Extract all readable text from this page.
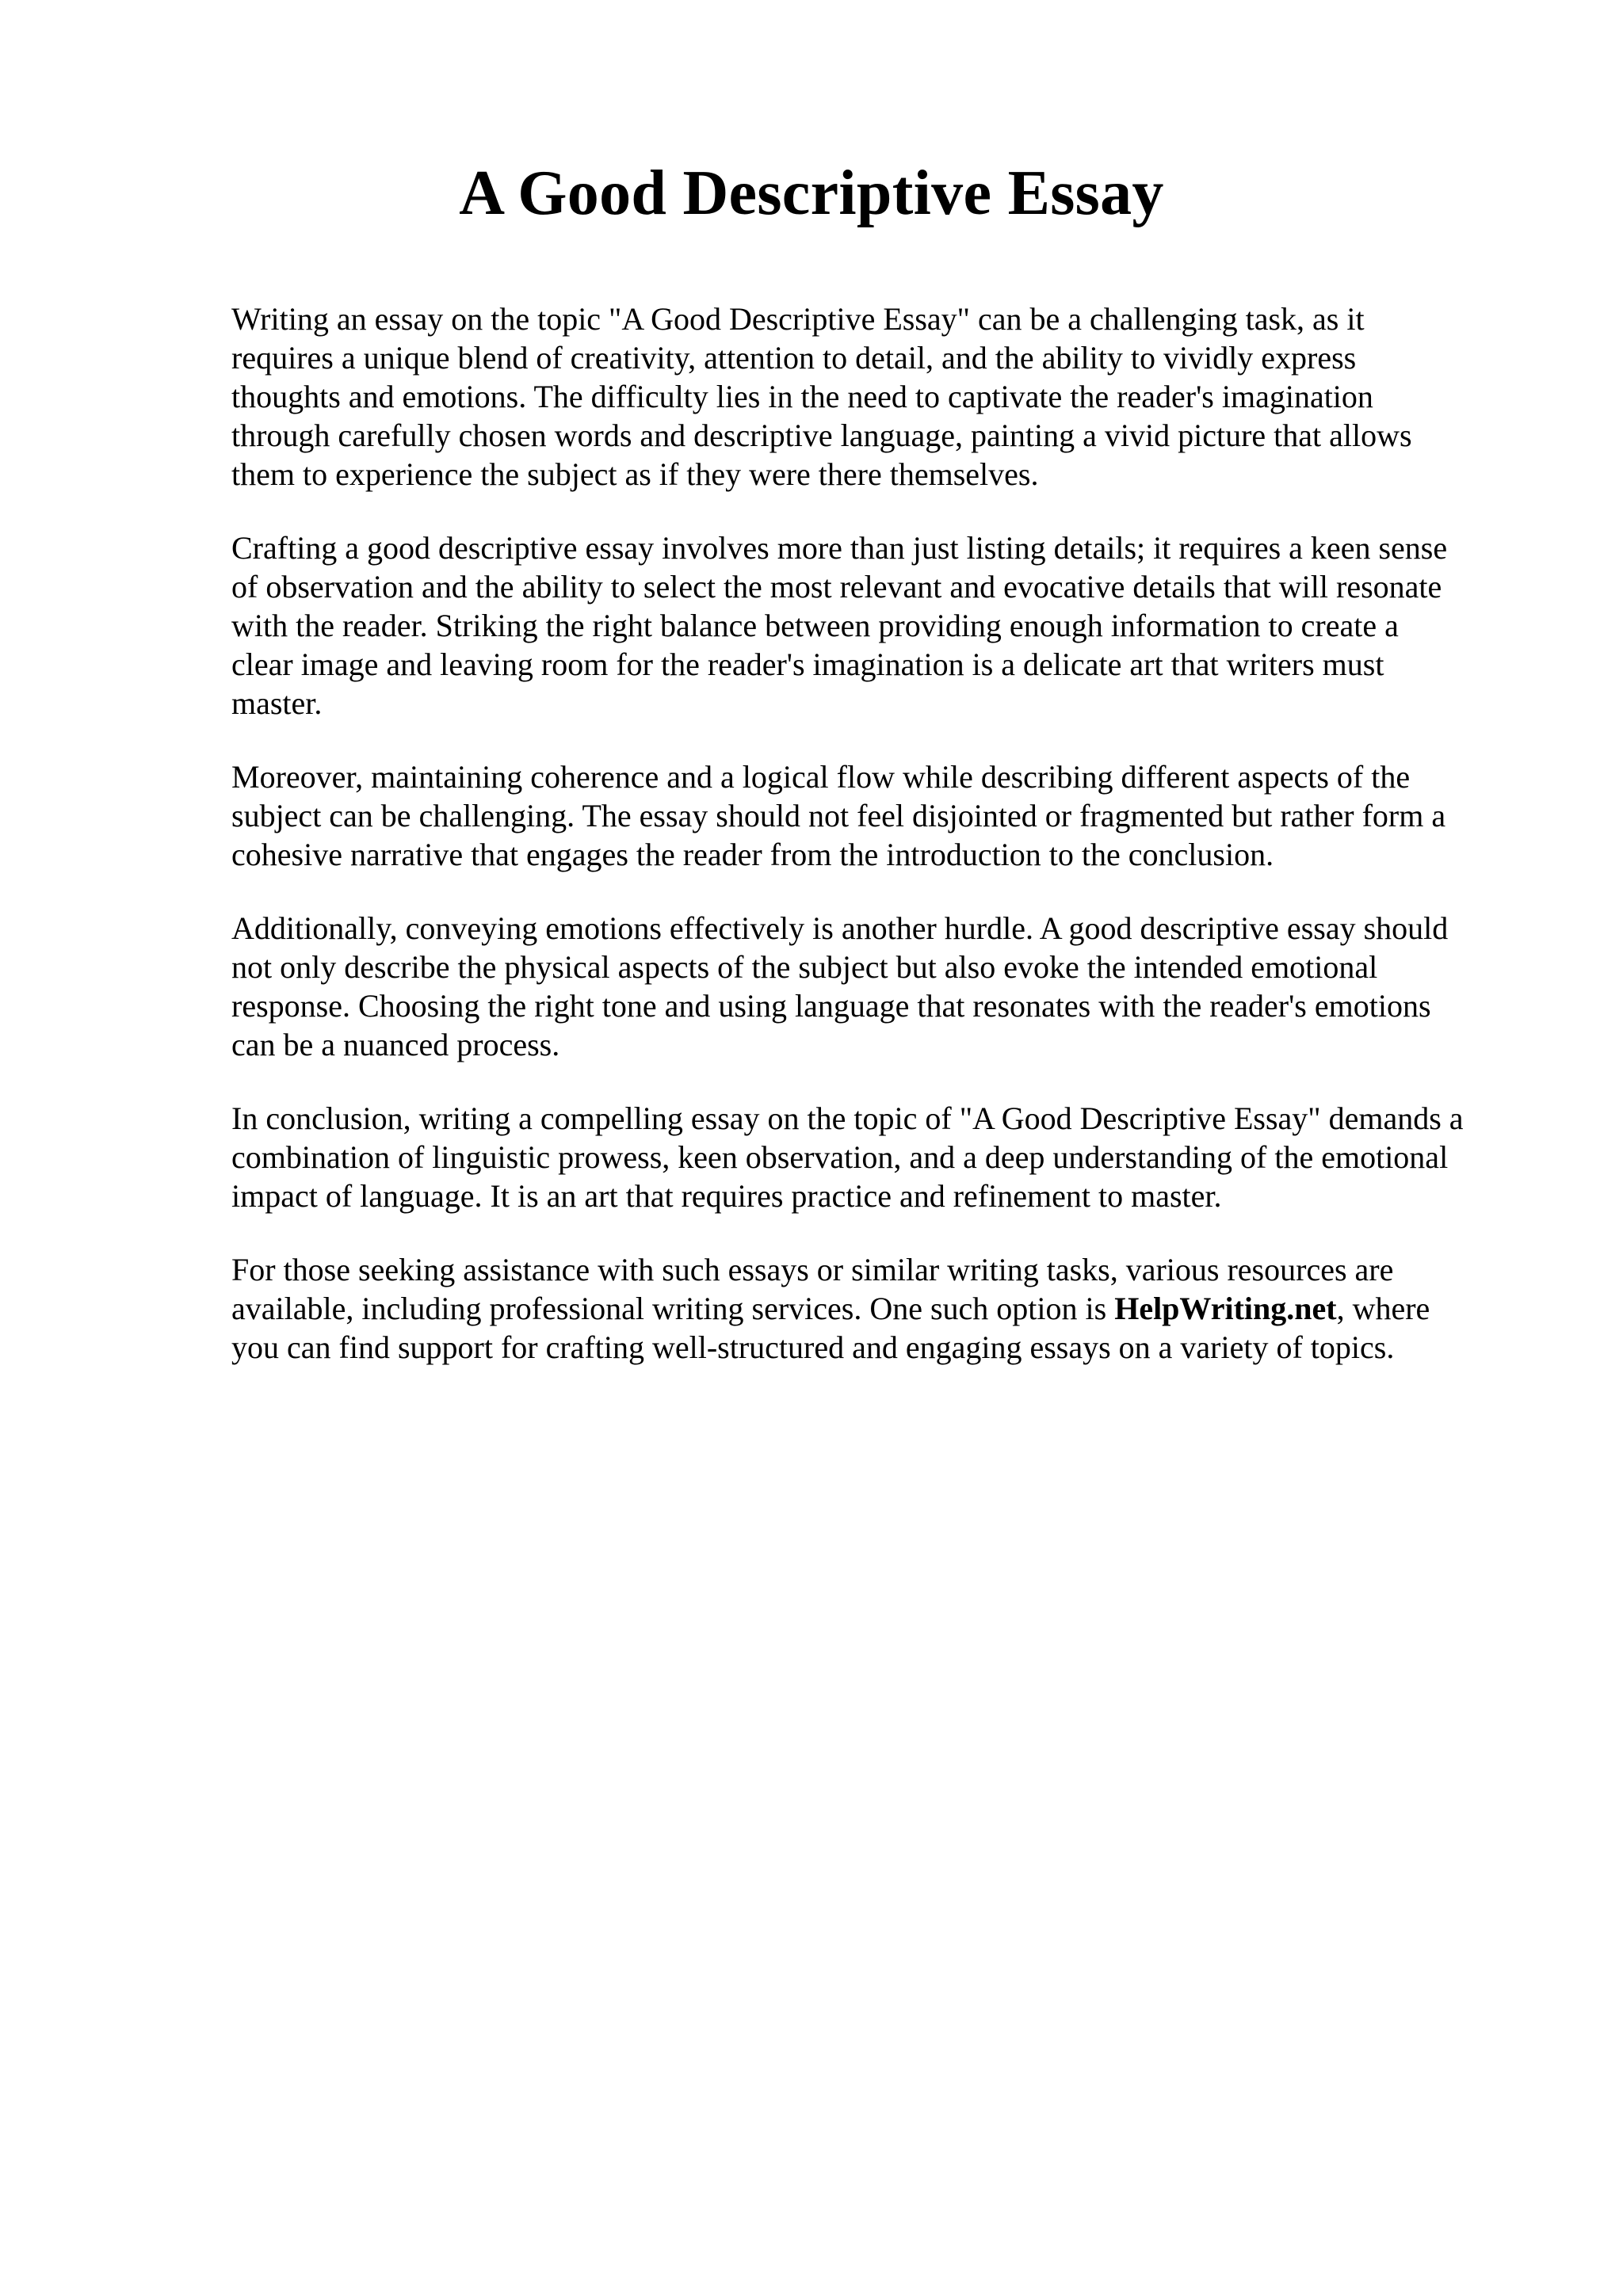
A Good Descriptive Essay

Writing an essay on the topic "A Good Descriptive Essay" can be a challenging task, as it
requires a unique blend of creativity, attention to detail, and the ability to vividly express
thoughts and emotions. The difficulty lies in the need to captivate the reader's imagination
through carefully chosen words and descriptive language, painting a vivid picture that allows
them to experience the subject as if they were there themselves.

Crafting a good descriptive essay involves more than just listing details; it requires a keen sense
of observation and the ability to select the most relevant and evocative details that will resonate
with the reader. Striking the right balance between providing enough information to create a
clear image and leaving room for the reader's imagination is a delicate art that writers must
master.

Moreover, maintaining coherence and a logical flow while describing different aspects of the
subject can be challenging. The essay should not feel disjointed or fragmented but rather form a
cohesive narrative that engages the reader from the introduction to the conclusion.

Additionally, conveying emotions effectively is another hurdle. A good descriptive essay should
not only describe the physical aspects of the subject but also evoke the intended emotional
response. Choosing the right tone and using language that resonates with the reader's emotions
can be a nuanced process.

In conclusion, writing a compelling essay on the topic of "A Good Descriptive Essay" demands a
combination of linguistic prowess, keen observation, and a deep understanding of the emotional
impact of language. It is an art that requires practice and refinement to master.

For those seeking assistance with such essays or similar writing tasks, various resources are
available, including professional writing services. One such option is HelpWriting.net, where
you can find support for crafting well-structured and engaging essays on a variety of topics.
